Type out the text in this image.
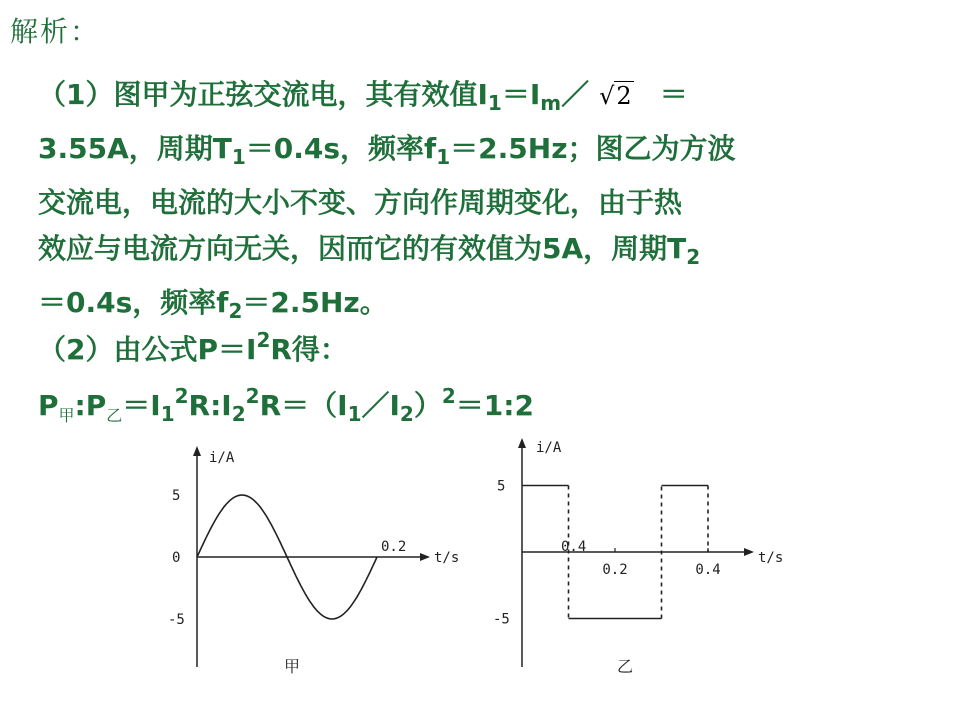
解析：
（1）图甲为正弦交流电，其有效值$I_1=I_m/$ √2 ＝
3.55A，周期$T_1=0.4s$，频率$f_1=2.5Hz$；图乙为方波
交流电，电流的大小不变、方向作周期变化，由于热
效应与电流方向无关，因而它的有效值为5A，周期$T_2$
＝0.4s，频率$f_2=2.5Hz$。
（2）由公式$P=I^2R$得：
$P_甲:P_乙=I_1^2R:I_2^2R=(I_1/I_2)^2=1:2$
i/A
t/s
5
0
-5
0.2	0.4
甲
i/A
t/s
5
-5
0.2	0.4
乙
